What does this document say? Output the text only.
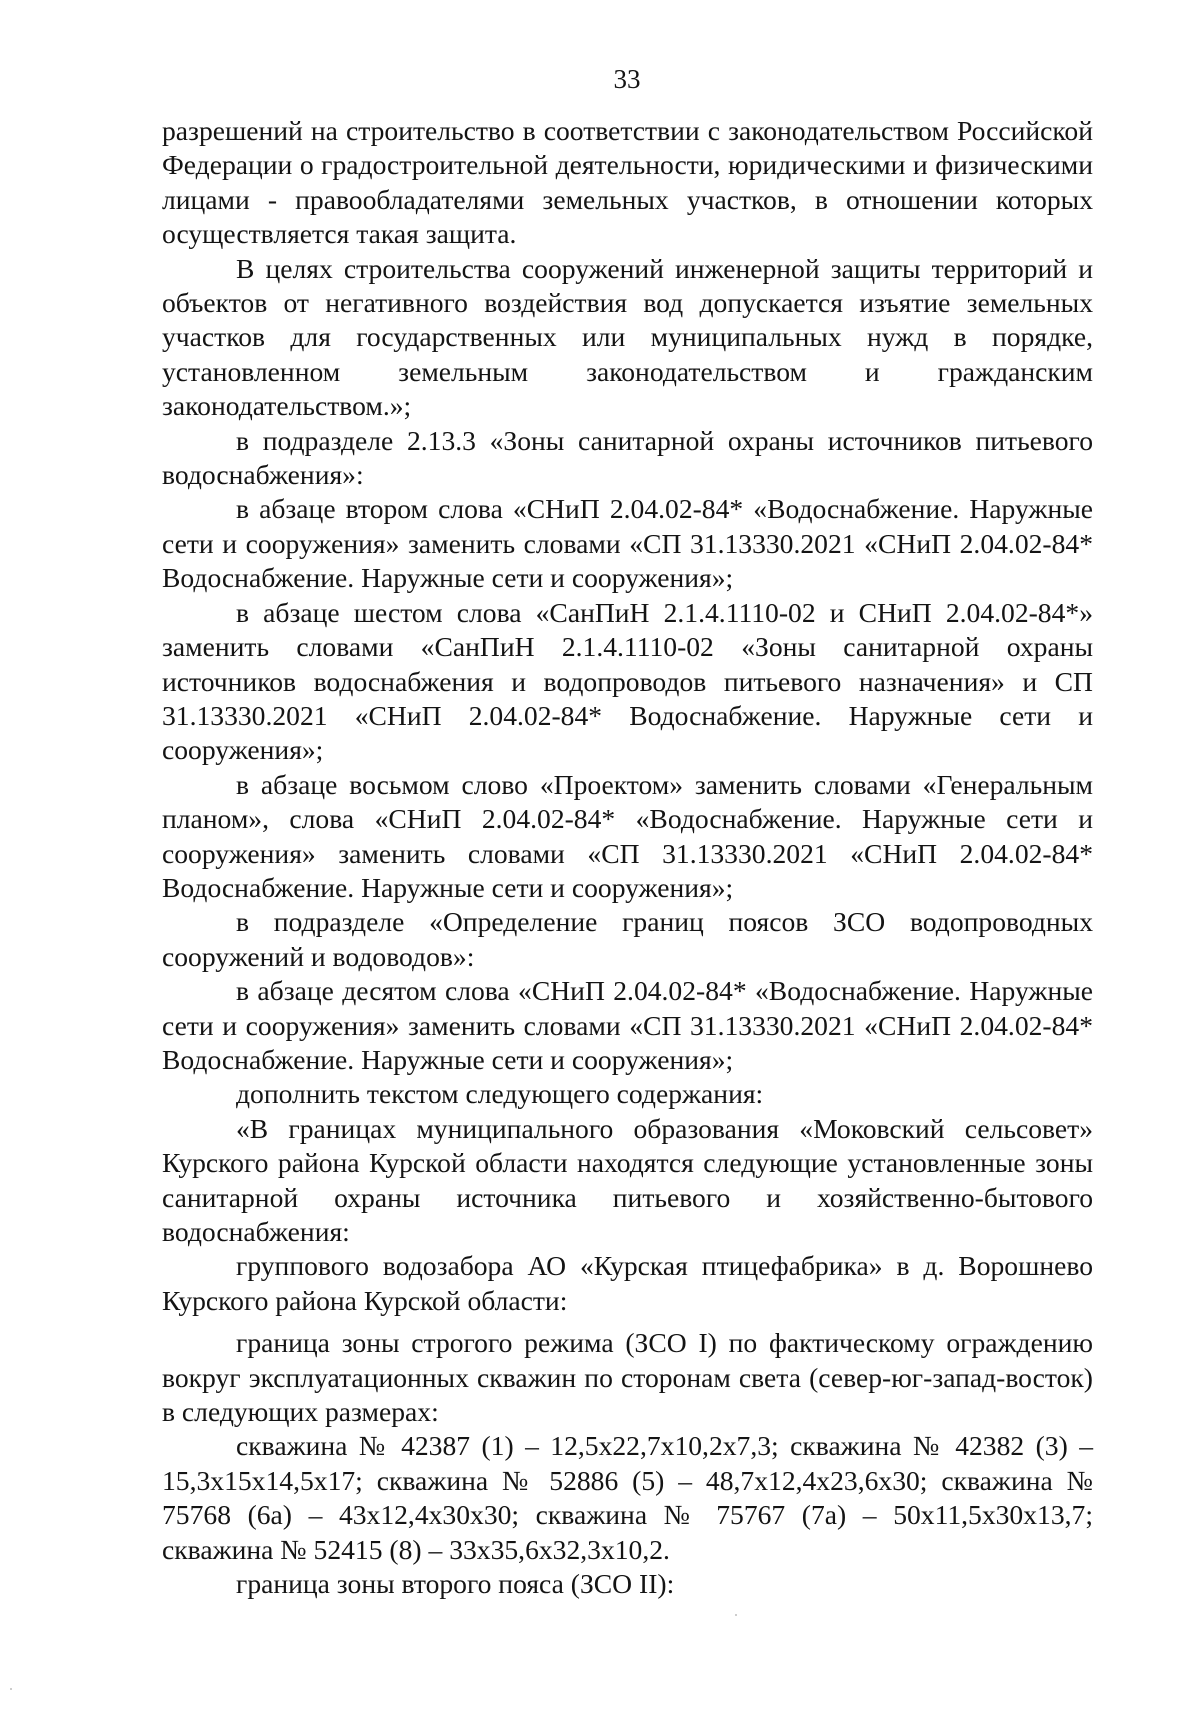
33

разрешений на строительство в соответствии с законодательством Российской Федерации о градостроительной деятельности, юридическими и физическими лицами - правообладателями земельных участков, в отношении которых осуществляется такая защита.

В целях строительства сооружений инженерной защиты территорий и объектов от негативного воздействия вод допускается изъятие земельных участков для государственных или муниципальных нужд в порядке, установленном земельным законодательством и гражданским законодательством.»;

в подразделе 2.13.3 «Зоны санитарной охраны источников питьевого водоснабжения»:

в абзаце втором слова «СНиП 2.04.02-84* «Водоснабжение. Наружные сети и сооружения» заменить словами «СП 31.13330.2021 «СНиП 2.04.02-84* Водоснабжение. Наружные сети и сооружения»;

в абзаце шестом слова «СанПиН 2.1.4.1110-02 и СНиП 2.04.02-84*» заменить словами «СанПиН 2.1.4.1110-02 «Зоны санитарной охраны источников водоснабжения и водопроводов питьевого назначения» и СП 31.13330.2021 «СНиП 2.04.02-84* Водоснабжение. Наружные сети и сооружения»;

в абзаце восьмом слово «Проектом» заменить словами «Генеральным планом», слова «СНиП 2.04.02-84* «Водоснабжение. Наружные сети и сооружения» заменить словами «СП 31.13330.2021 «СНиП 2.04.02-84* Водоснабжение. Наружные сети и сооружения»;

в подразделе «Определение границ поясов ЗСО водопроводных сооружений и водоводов»:

в абзаце десятом слова «СНиП 2.04.02-84* «Водоснабжение. Наружные сети и сооружения» заменить словами «СП 31.13330.2021 «СНиП 2.04.02-84* Водоснабжение. Наружные сети и сооружения»;

дополнить текстом следующего содержания:

«В границах муниципального образования «Моковский сельсовет» Курского района Курской области находятся следующие установленные зоны санитарной охраны источника питьевого и хозяйственно-бытового водоснабжения:

группового водозабора АО «Курская птицефабрика» в д. Ворошнево Курского района Курской области:

граница зоны строгого режима (ЗСО I) по фактическому ограждению вокруг эксплуатационных скважин по сторонам света (север-юг-запад-восток) в следующих размерах:

скважина № 42387 (1) – 12,5х22,7х10,2х7,3; скважина № 42382 (3) – 15,3х15х14,5х17; скважина № 52886 (5) – 48,7х12,4х23,6х30; скважина № 75768 (6а) – 43х12,4х30х30; скважина № 75767 (7а) – 50х11,5х30х13,7; скважина № 52415 (8) – 33х35,6х32,3х10,2.

граница зоны второго пояса (ЗСО II):
